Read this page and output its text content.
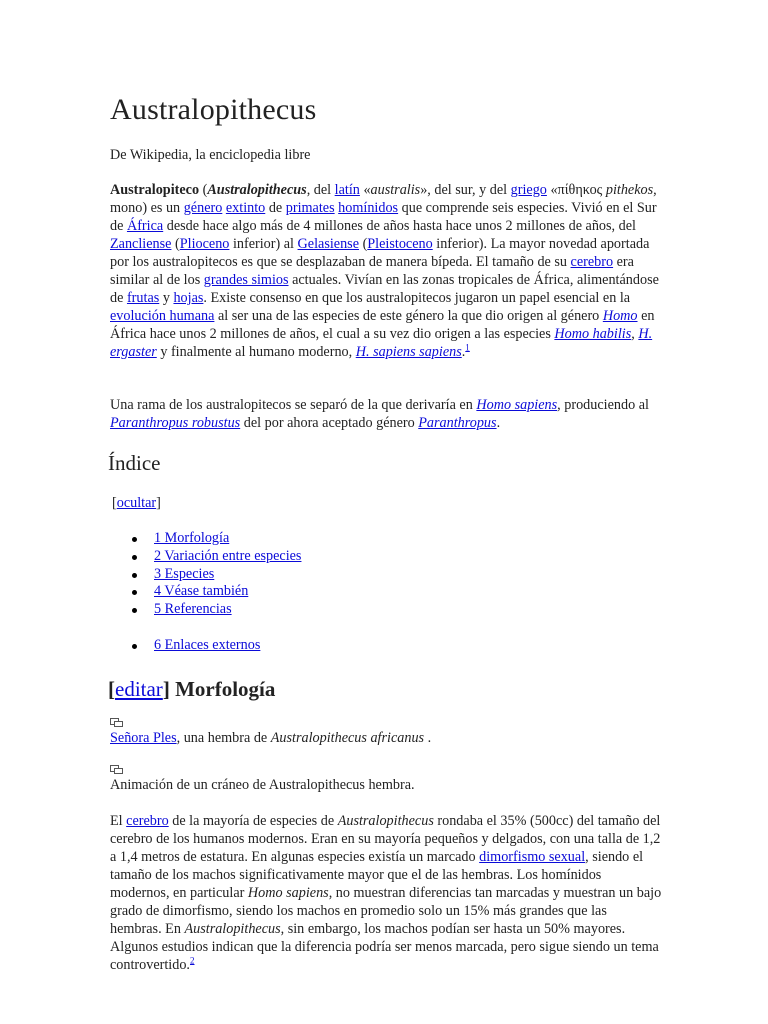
Australopithecus
De Wikipedia, la enciclopedia libre
Australopiteco (Australopithecus, del latín «australis», del sur, y del griego «πίθηκος pithekos, mono) es un género extinto de primates homínidos que comprende seis especies. Vivió en el Sur de África desde hace algo más de 4 millones de años hasta hace unos 2 millones de años, del Zancliense (Plioceno inferior) al Gelasiense (Pleistoceno inferior). La mayor novedad aportada por los australopitecos es que se desplazaban de manera bípeda. El tamaño de su cerebro era similar al de los grandes simios actuales. Vivían en las zonas tropicales de África, alimentándose de frutas y hojas. Existe consenso en que los australopitecos jugaron un papel esencial en la evolución humana al ser una de las especies de este género la que dio origen al género Homo en África hace unos 2 millones de años, el cual a su vez dio origen a las especies Homo habilis, H. ergaster y finalmente al humano moderno, H. sapiens sapiens.$^1$
Una rama de los australopitecos se separó de la que derivaría en Homo sapiens, produciendo al Paranthropus robustus del por ahora aceptado género Paranthropus.
Índice
[ocultar]
1 Morfología
2 Variación entre especies
3 Especies
4 Véase también
5 Referencias
6 Enlaces externos
[editar] Morfología
Señora Ples, una hembra de Australopithecus africanus .
Animación de un cráneo de Australopithecus hembra.
El cerebro de la mayoría de especies de Australopithecus rondaba el 35% (500cc) del tamaño del cerebro de los humanos modernos. Eran en su mayoría pequeños y delgados, con una talla de 1,2 a 1,4 metros de estatura. En algunas especies existía un marcado dimorfismo sexual, siendo el tamaño de los machos significativamente mayor que el de las hembras. Los homínidos modernos, en particular Homo sapiens, no muestran diferencias tan marcadas y muestran un bajo grado de dimorfismo, siendo los machos en promedio solo un 15% más grandes que las hembras. En Australopithecus, sin embargo, los machos podían ser hasta un 50% mayores. Algunos estudios indican que la diferencia podría ser menos marcada, pero sigue siendo un tema controvertido.$^2$
